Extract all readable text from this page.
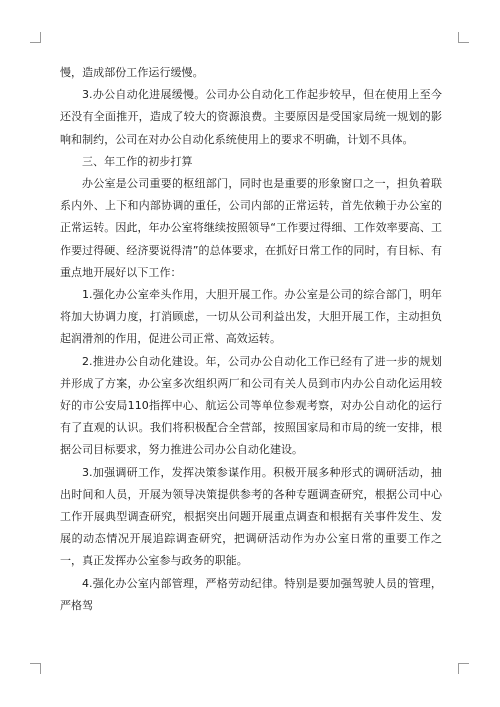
慢，造成部份工作运行缓慢。

3.办公自动化进展缓慢。公司办公自动化工作起步较早，但在使用上至今还没有全面推开，造成了较大的资源浪费。主要原因是受国家局统一规划的影响和制约，公司在对办公自动化系统使用上的要求不明确，计划不具体。

三、年工作的初步打算

办公室是公司重要的枢纽部门，同时也是重要的形象窗口之一，担负着联系内外、上下和内部协调的重任，公司内部的正常运转，首先依赖于办公室的正常运转。因此，年办公室将继续按照领导“工作要过得细、工作效率要高、工作要过得硬、经济要说得清”的总体要求，在抓好日常工作的同时，有目标、有重点地开展好以下工作：

1.强化办公室牵头作用，大胆开展工作。办公室是公司的综合部门，明年将加大协调力度，打消顾虑，一切从公司利益出发，大胆开展工作，主动担负起润滑剂的作用，促进公司正常、高效运转。

2.推进办公自动化建设。年，公司办公自动化工作已经有了进一步的规划并形成了方案，办公室多次组织两厂和公司有关人员到市内办公自动化运用较好的市公安局110指挥中心、航运公司等单位参观考察，对办公自动化的运行有了直观的认识。我们将积极配合全营部，按照国家局和市局的统一安排，根据公司目标要求，努力推进公司办公自动化建设。

3.加强调研工作，发挥决策参谋作用。积极开展多种形式的调研活动，抽出时间和人员，开展为领导决策提供参考的各种专题调查研究，根据公司中心工作开展典型调查研究，根据突出问题开展重点调查和根据有关事件发生、发展的动态情况开展追踪调查研究，把调研活动作为办公室日常的重要工作之一，真正发挥办公室参与政务的职能。

4.强化办公室内部管理，严格劳动纪律。特别是要加强驾驶人员的管理，严格驾
